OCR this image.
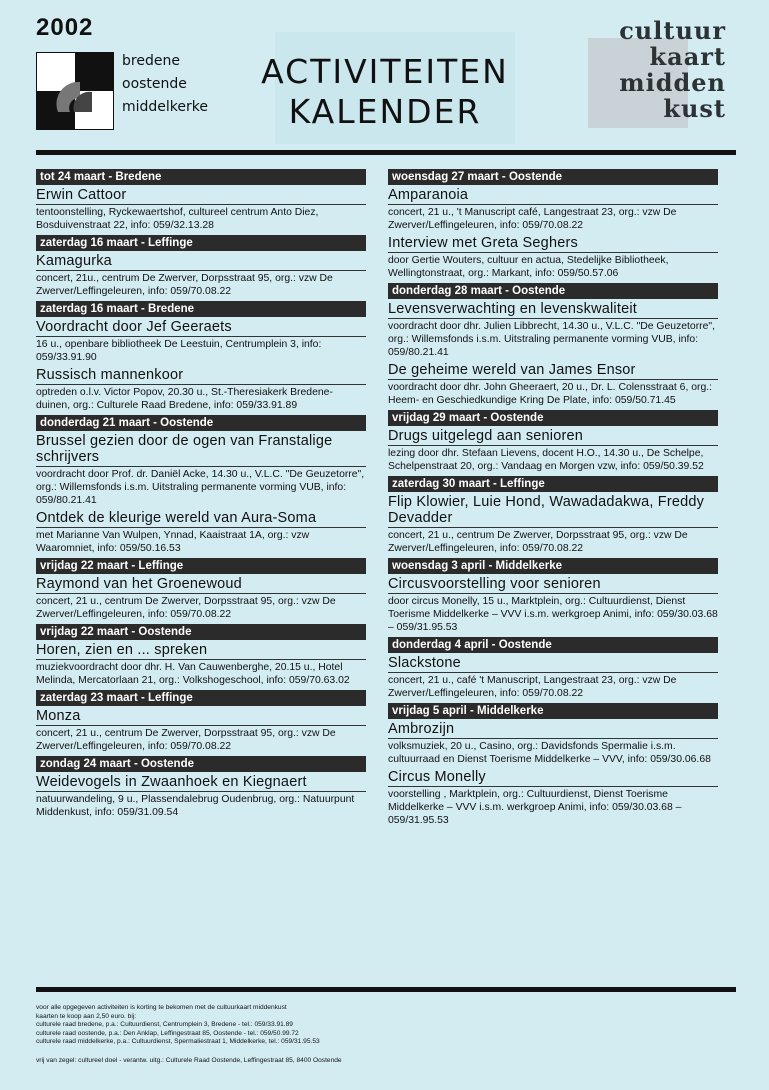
2002
bredene
oostende
middelkerke
ACTIVITEITEN
KALENDER
cultuur
kaart
midden
kust
tot 24 maart - Bredene
Erwin Cattoor
tentoonstelling, Ryckewaertshof, cultureel centrum Anto Diez, Bosduivenstraat 22, info: 059/32.13.28
zaterdag 16 maart - Leffinge
Kamagurka
concert, 21u., centrum De Zwerver, Dorpsstraat 95, org.: vzw De Zwerver/Leffingeleuren, info: 059/70.08.22
zaterdag 16 maart - Bredene
Voordracht door Jef Geeraets
16 u., openbare bibliotheek De Leestuin, Centrumplein 3, info: 059/33.91.90
Russisch mannenkoor
optreden o.l.v. Victor Popov, 20.30 u., St.-Theresiakerk Bredene-duinen, org.: Culturele Raad Bredene, info: 059/33.91.89
donderdag 21 maart - Oostende
Brussel gezien door de ogen van Franstalige schrijvers
voordracht door Prof. dr. Daniël Acke, 14.30 u., V.L.C. "De Geuzetorre", org.: Willemsfonds i.s.m. Uitstraling permanente vorming VUB, info: 059/80.21.41
Ontdek de kleurige wereld van Aura-Soma
met Marianne Van Wulpen, Ynnad, Kaaistraat 1A, org.: vzw Waaromniet, info: 059/50.16.53
vrijdag 22 maart - Leffinge
Raymond van het Groenewoud
concert, 21 u., centrum De Zwerver, Dorpsstraat 95, org.: vzw De Zwerver/Leffingeleuren, info: 059/70.08.22
vrijdag 22 maart - Oostende
Horen, zien en ... spreken
muziekvoordracht door dhr. H. Van Cauwenberghe, 20.15 u., Hotel Melinda, Mercatorlaan 21, org.: Volkshogeschool, info: 059/70.63.02
zaterdag 23 maart - Leffinge
Monza
concert, 21 u., centrum De Zwerver, Dorpsstraat 95, org.: vzw De Zwerver/Leffingeleuren, info: 059/70.08.22
zondag 24 maart - Oostende
Weidevogels in Zwaanhoek en Kiegnaert
natuurwandeling, 9 u., Plassendalebrug Oudenbrug, org.: Natuurpunt Middenkust, info: 059/31.09.54
woensdag 27 maart - Oostende
Amparanoia
concert, 21 u., 't Manuscript café, Langestraat 23, org.: vzw De Zwerver/Leffingeleuren, info: 059/70.08.22
Interview met Greta Seghers
door Gertie Wouters, cultuur en actua, Stedelijke Bibliotheek, Wellingtonstraat, org.: Markant, info: 059/50.57.06
donderdag 28 maart - Oostende
Levensverwachting en levenskwaliteit
voordracht door dhr. Julien Libbrecht, 14.30 u., V.L.C. "De Geuzetorre", org.: Willemsfonds i.s.m. Uitstraling permanente vorming VUB, info: 059/80.21.41
De geheime wereld van James Ensor
voordracht door dhr. John Gheeraert, 20 u., Dr. L. Colensstraat 6, org.: Heem- en Geschiedkundige Kring De Plate, info: 059/50.71.45
vrijdag 29 maart - Oostende
Drugs uitgelegd aan senioren
lezing door dhr. Stefaan Lievens, docent H.O., 14.30 u., De Schelpe, Schelpenstraat 20, org.: Vandaag en Morgen vzw, info: 059/50.39.52
zaterdag 30 maart - Leffinge
Flip Klowier, Luie Hond, Wawadadakwa, Freddy Devadder
concert, 21 u., centrum De Zwerver, Dorpsstraat 95, org.: vzw De Zwerver/Leffingeleuren, info: 059/70.08.22
woensdag 3 april - Middelkerke
Circusvoorstelling voor senioren
door circus Monelly, 15 u., Marktplein, org.: Cultuurdienst, Dienst Toerisme Middelkerke – VVV i.s.m. werkgroep Animi, info: 059/30.03.68 – 059/31.95.53
donderdag 4 april - Oostende
Slackstone
concert, 21 u., café 't Manuscript, Langestraat 23, org.: vzw De Zwerver/Leffingeleuren, info: 059/70.08.22
vrijdag 5 april - Middelkerke
Ambrozijn
volksmuziek, 20 u., Casino, org.: Davidsfonds Spermalie i.s.m. cultuurraad en Dienst Toerisme Middelkerke – VVV, info: 059/30.06.68
Circus Monelly
voorstelling , Marktplein, org.: Cultuurdienst, Dienst Toerisme Middelkerke – VVV i.s.m. werkgroep Animi, info: 059/30.03.68 – 059/31.95.53
voor alle opgegeven activiteiten is korting te bekomen met de cultuurkaart middenkust
kaarten te koop aan 2,50 euro. bij:
culturele raad bredene, p.a.: Cultuurdienst, Centrumplein 3, Bredene - tel.: 059/33.91.89
culturele raad oostende, p.a.: Den Anklap, Leffingestraat 85, Oostende - tel.: 059/50.99.72
culturele raad middelkerke, p.a.: Cultuurdienst, Spermaliestraat 1, Middelkerke, tel.: 059/31.95.53
vrij van zegel: cultureel doel - verantw. uitg.: Culturele Raad Oostende, Leffingestraat 85, 8400 Oostende
